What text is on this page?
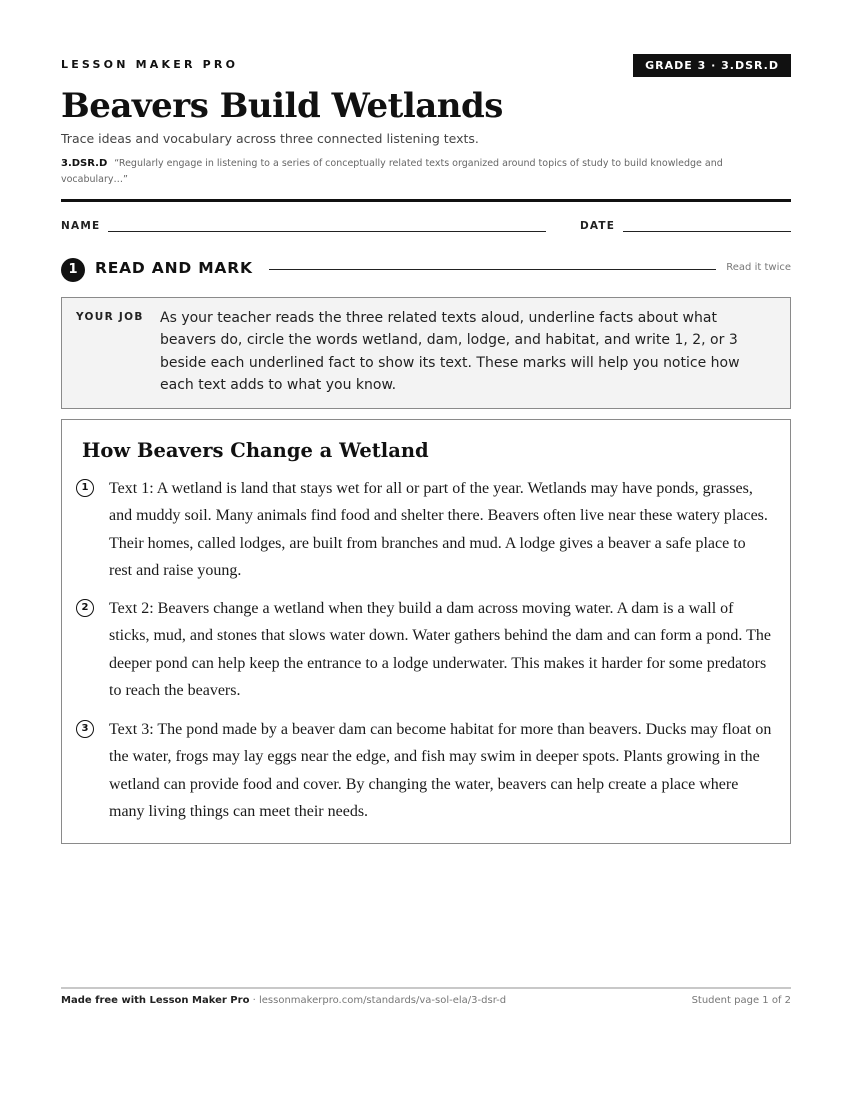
LESSON MAKER PRO	GRADE 3 · 3.DSR.D
Beavers Build Wetlands
Trace ideas and vocabulary across three connected listening texts.
3.DSR.D “Regularly engage in listening to a series of conceptually related texts organized around topics of study to build knowledge and vocabulary…”
NAME	DATE
1	READ AND MARK	Read it twice
YOUR JOB As your teacher reads the three related texts aloud, underline facts about what beavers do, circle the words wetland, dam, lodge, and habitat, and write 1, 2, or 3 beside each underlined fact to show its text. These marks will help you notice how each text adds to what you know.
How Beavers Change a Wetland
1	Text 1: A wetland is land that stays wet for all or part of the year. Wetlands may have ponds, grasses, and muddy soil. Many animals find food and shelter there. Beavers often live near these watery places. Their homes, called lodges, are built from branches and mud. A lodge gives a beaver a safe place to rest and raise young.
2	Text 2: Beavers change a wetland when they build a dam across moving water. A dam is a wall of sticks, mud, and stones that slows water down. Water gathers behind the dam and can form a pond. The deeper pond can help keep the entrance to a lodge underwater. This makes it harder for some predators to reach the beavers.
3	Text 3: The pond made by a beaver dam can become habitat for more than beavers. Ducks may float on the water, frogs may lay eggs near the edge, and fish may swim in deeper spots. Plants growing in the wetland can provide food and cover. By changing the water, beavers can help create a place where many living things can meet their needs.
Made free with Lesson Maker Pro · lessonmakerpro.com/standards/va-sol-ela/3-dsr-d	Student page 1 of 2
